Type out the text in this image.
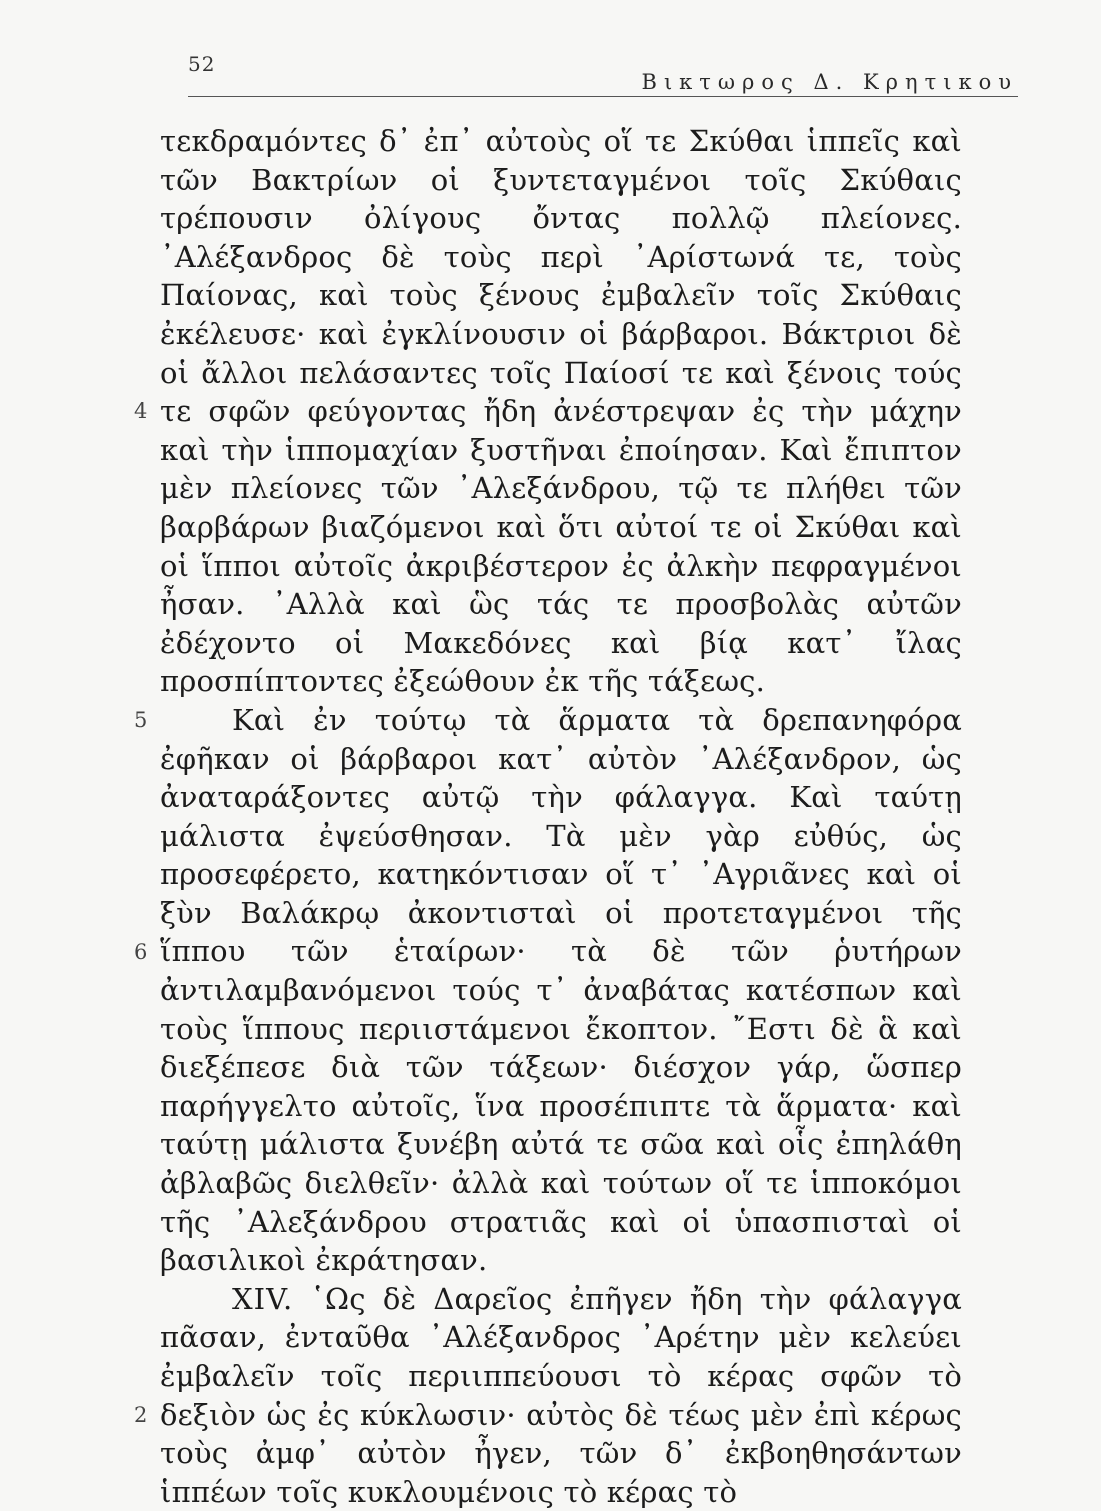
52
Βικτωρος Δ. Κρητικου
4
τεκδραμόντες δ᾽ ἐπ᾽ αὐτοὺς οἵ τε Σκύθαι ἱππεῖς καὶ τῶν Βακτρίων οἱ ξυντεταγμένοι τοῖς Σκύθαις τρέπουσιν ὀλίγους ὄντας πολλῷ πλείονες. ᾽Αλέξανδρος δὲ τοὺς περὶ ᾽Αρίστωνά τε, τοὺς Παίονας, καὶ τοὺς ξένους ἐμβαλεῖν τοῖς Σκύθαις ἐκέλευσε· καὶ ἐγκλίνουσιν οἱ βάρβαροι. Βάκτριοι δὲ οἱ ἄλλοι πελάσαντες τοῖς Παίοσί τε καὶ ξένοις τούς τε σφῶν φεύγοντας ἤδη ἀνέστρεψαν ἐς τὴν μάχην καὶ τὴν ἱππομαχίαν ξυστῆναι ἐποίησαν. Καὶ ἔπιπτον μὲν πλείονες τῶν ᾽Αλεξάνδρου, τῷ τε πλήθει τῶν βαρβάρων βιαζόμενοι καὶ ὅτι αὐτοί τε οἱ Σκύθαι καὶ οἱ ἵπποι αὐτοῖς ἀκριβέστερον ἐς ἀλκὴν πεφραγμένοι ἦσαν. ᾽Αλλὰ καὶ ὣς τάς τε προσβολὰς αὐτῶν ἐδέχοντο οἱ Μακεδόνες καὶ βίᾳ κατ᾽ ἴλας προσπίπτοντες ἐξεώθουν ἐκ τῆς τάξεως.
5
6
Καὶ ἐν τούτῳ τὰ ἅρματα τὰ δρεπανηφόρα ἐφῆκαν οἱ βάρβαροι κατ᾽ αὐτὸν ᾽Αλέξανδρον, ὡς ἀναταράξοντες αὐτῷ τὴν φάλαγγα. Καὶ ταύτῃ μάλιστα ἐψεύσθησαν. Τὰ μὲν γὰρ εὐθύς, ὡς προσεφέρετο, κατηκόντισαν οἵ τ᾽ ᾽Αγριᾶνες καὶ οἱ ξὺν Βαλάκρῳ ἀκοντισταὶ οἱ προτεταγμένοι τῆς ἵππου τῶν ἑταίρων· τὰ δὲ τῶν ῥυτήρων ἀντιλαμβανόμενοι τούς τ᾽ ἀναβάτας κατέσπων καὶ τοὺς ἵππους περιιστάμενοι ἔκοπτον. ῎Εστι δὲ ἃ καὶ διεξέπεσε διὰ τῶν τάξεων· διέσχον γάρ, ὥσπερ παρήγγελτο αὐτοῖς, ἵνα προσέπιπτε τὰ ἅρματα· καὶ ταύτῃ μάλιστα ξυνέβη αὐτά τε σῶα καὶ οἷς ἐπηλάθη ἀβλαβῶς διελθεῖν· ἀλλὰ καὶ τούτων οἵ τε ἱπποκόμοι τῆς ᾽Αλεξάνδρου στρατιᾶς καὶ οἱ ὑπασπισταὶ οἱ βασιλικοὶ ἐκράτησαν.
2
XIV. ῾Ως δὲ Δαρεῖος ἐπῆγεν ἤδη τὴν φάλαγγα πᾶσαν, ἐνταῦθα ᾽Αλέξανδρος ᾽Αρέτην μὲν κελεύει ἐμβαλεῖν τοῖς περιιππεύουσι τὸ κέρας σφῶν τὸ δεξιὸν ὡς ἐς κύκλωσιν· αὐτὸς δὲ τέως μὲν ἐπὶ κέρως τοὺς ἀμφ᾽ αὐτὸν ἦγεν, τῶν δ᾽ ἐκβοηθησάντων ἱππέων τοῖς κυκλουμένοις τὸ κέρας τὸ
